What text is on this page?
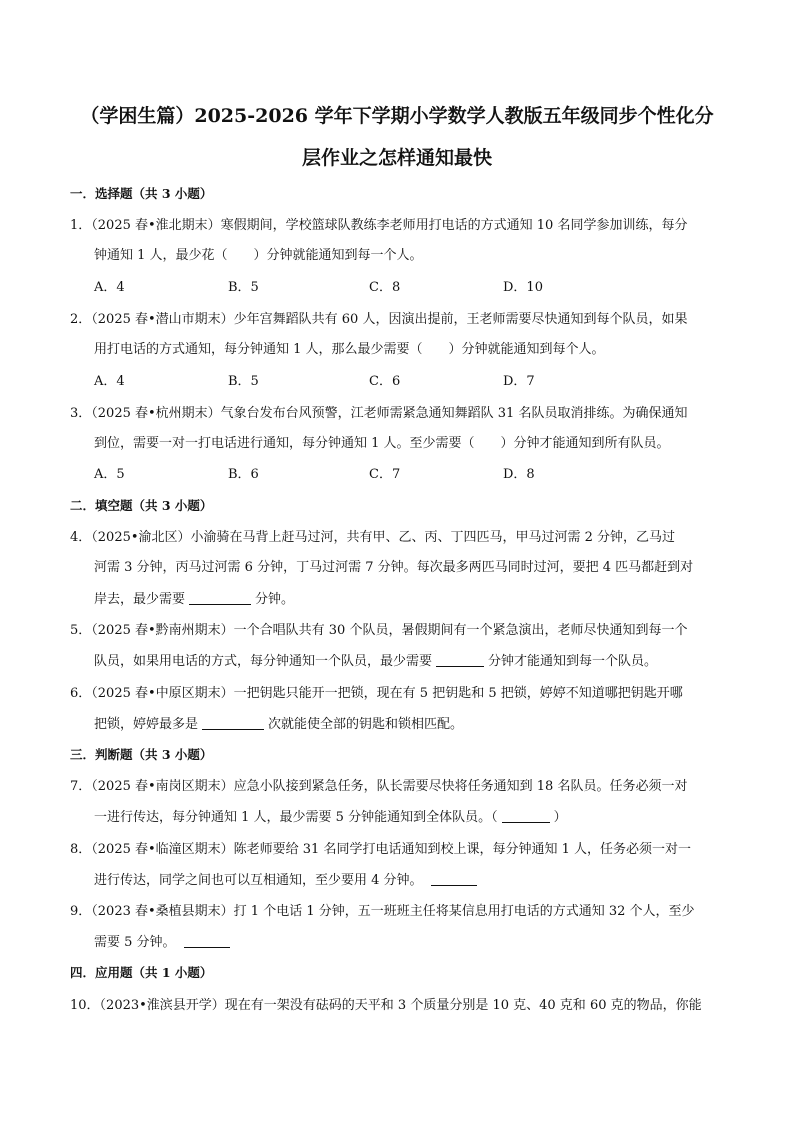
（学困生篇）2025-2026 学年下学期小学数学人教版五年级同步个性化分
层作业之怎样通知最快
一．选择题（共 3 小题）
1．（2025 春•淮北期末）寒假期间，学校篮球队教练李老师用打电话的方式通知 10 名同学参加训练，每分
钟通知 1 人，最少花（　　）分钟就能通知到每一个人。
A．4	B．5	C．8	D．10
2．（2025 春•潜山市期末）少年宫舞蹈队共有 60 人，因演出提前，王老师需要尽快通知到每个队员，如果
用打电话的方式通知，每分钟通知 1 人，那么最少需要（　　）分钟就能通知到每个人。
A．4	B．5	C．6	D．7
3．（2025 春•杭州期末）气象台发布台风预警，江老师需紧急通知舞蹈队 31 名队员取消排练。为确保通知
到位，需要一对一打电话进行通知，每分钟通知 1 人。至少需要（　　）分钟才能通知到所有队员。
A．5	B．6	C．7	D．8
二．填空题（共 3 小题）
4．（2025•渝北区）小渝骑在马背上赶马过河，共有甲、乙、丙、丁四匹马，甲马过河需 2 分钟，乙马过
河需 3 分钟，丙马过河需 6 分钟，丁马过河需 7 分钟。每次最多两匹马同时过河，要把 4 匹马都赶到对
岸去，最少需要	分钟。
5．（2025 春•黔南州期末）一个合唱队共有 30 个队员，暑假期间有一个紧急演出，老师尽快通知到每一个
队员，如果用电话的方式，每分钟通知一个队员，最少需要	分钟才能通知到每一个队员。
6．（2025 春•中原区期末）一把钥匙只能开一把锁，现在有 5 把钥匙和 5 把锁，婷婷不知道哪把钥匙开哪
把锁，婷婷最多是	次就能使全部的钥匙和锁相匹配。
三．判断题（共 3 小题）
7．（2025 春•南岗区期末）应急小队接到紧急任务，队长需要尽快将任务通知到 18 名队员。任务必须一对
一进行传达，每分钟通知 1 人，最少需要 5 分钟能通知到全体队员。（	）
8．（2025 春•临潼区期末）陈老师要给 31 名同学打电话通知到校上课，每分钟通知 1 人，任务必须一对一
进行传达，同学之间也可以互相通知，至少要用 4 分钟。
9．（2023 春•桑植县期末）打 1 个电话 1 分钟，五一班班主任将某信息用打电话的方式通知 32 个人，至少
需要 5 分钟。
四．应用题（共 1 小题）
10．（2023•淮滨县开学）现在有一架没有砝码的天平和 3 个质量分别是 10 克、40 克和 60 克的物品，你能
